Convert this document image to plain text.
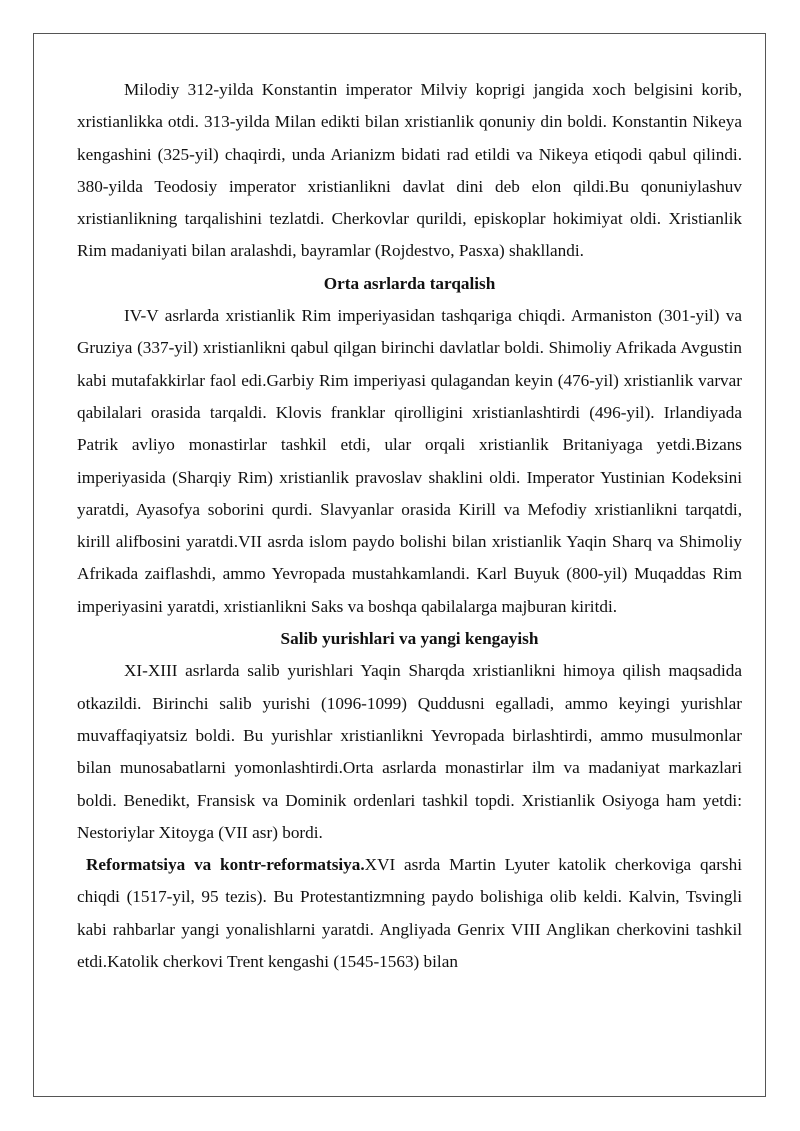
Milodiy 312-yilda Konstantin imperator Milviy koprigi jangida xoch belgisini korib, xristianlikka otdi. 313-yilda Milan edikti bilan xristianlik qonuniy din boldi. Konstantin Nikeya kengashini (325-yil) chaqirdi, unda Arianizm bidati rad etildi va Nikeya etiqodi qabul qilindi. 380-yilda Teodosiy imperator xristianlikni davlat dini deb elon qildi.Bu qonuniylashuv xristianlikning tarqalishini tezlatdi. Cherkovlar qurildi, episkoplar hokimiyat oldi. Xristianlik Rim madaniyati bilan aralashdi, bayramlar (Rojdestvo, Pasxa) shakllandi.

Orta asrlarda tarqalish

IV-V asrlarda xristianlik Rim imperiyasidan tashqariga chiqdi. Armaniston (301-yil) va Gruziya (337-yil) xristianlikni qabul qilgan birinchi davlatlar boldi. Shimoliy Afrikada Avgustin kabi mutafakkirlar faol edi.Garbiy Rim imperiyasi qulagandan keyin (476-yil) xristianlik varvar qabilalari orasida tarqaldi. Klovis franklar qirolligini xristianlashtirdi (496-yil). Irlandiyada Patrik avliyo monastirlar tashkil etdi, ular orqali xristianlik Britaniyaga yetdi.Bizans imperiyasida (Sharqiy Rim) xristianlik pravoslav shaklini oldi. Imperator Yustinian Kodeksini yaratdi, Ayasofya soborini qurdi. Slavyanlar orasida Kirill va Mefodiy xristianlikni tarqatdi, kirill alifbosini yaratdi.VII asrda islom paydo bolishi bilan xristianlik Yaqin Sharq va Shimoliy Afrikada zaiflashdi, ammo Yevropada mustahkamlandi. Karl Buyuk (800-yil) Muqaddas Rim imperiyasini yaratdi, xristianlikni Saks va boshqa qabilalarga majburan kiritdi.

Salib yurishlari va yangi kengayish

XI-XIII asrlarda salib yurishlari Yaqin Sharqda xristianlikni himoya qilish maqsadida otkazildi. Birinchi salib yurishi (1096-1099) Quddusni egalladi, ammo keyingi yurishlar muvaffaqiyatsiz boldi. Bu yurishlar xristianlikni Yevropada birlashtirdi, ammo musulmonlar bilan munosabatlarni yomonlashtirdi.Orta asrlarda monastirlar ilm va madaniyat markazlari boldi. Benedikt, Fransisk va Dominik ordenlari tashkil topdi. Xristianlik Osiyoga ham yetdi: Nestoriylar Xitoyga (VII asr) bordi.

Reformatsiya va kontr-reformatsiya.XVI asrda Martin Lyuter katolik cherkoviga qarshi chiqdi (1517-yil, 95 tezis). Bu Protestantizmning paydo bolishiga olib keldi. Kalvin, Tsvingli kabi rahbarlar yangi yonalishlarni yaratdi. Angliyada Genrix VIII Anglikan cherkovini tashkil etdi.Katolik cherkovi Trent kengashi (1545-1563) bilan
